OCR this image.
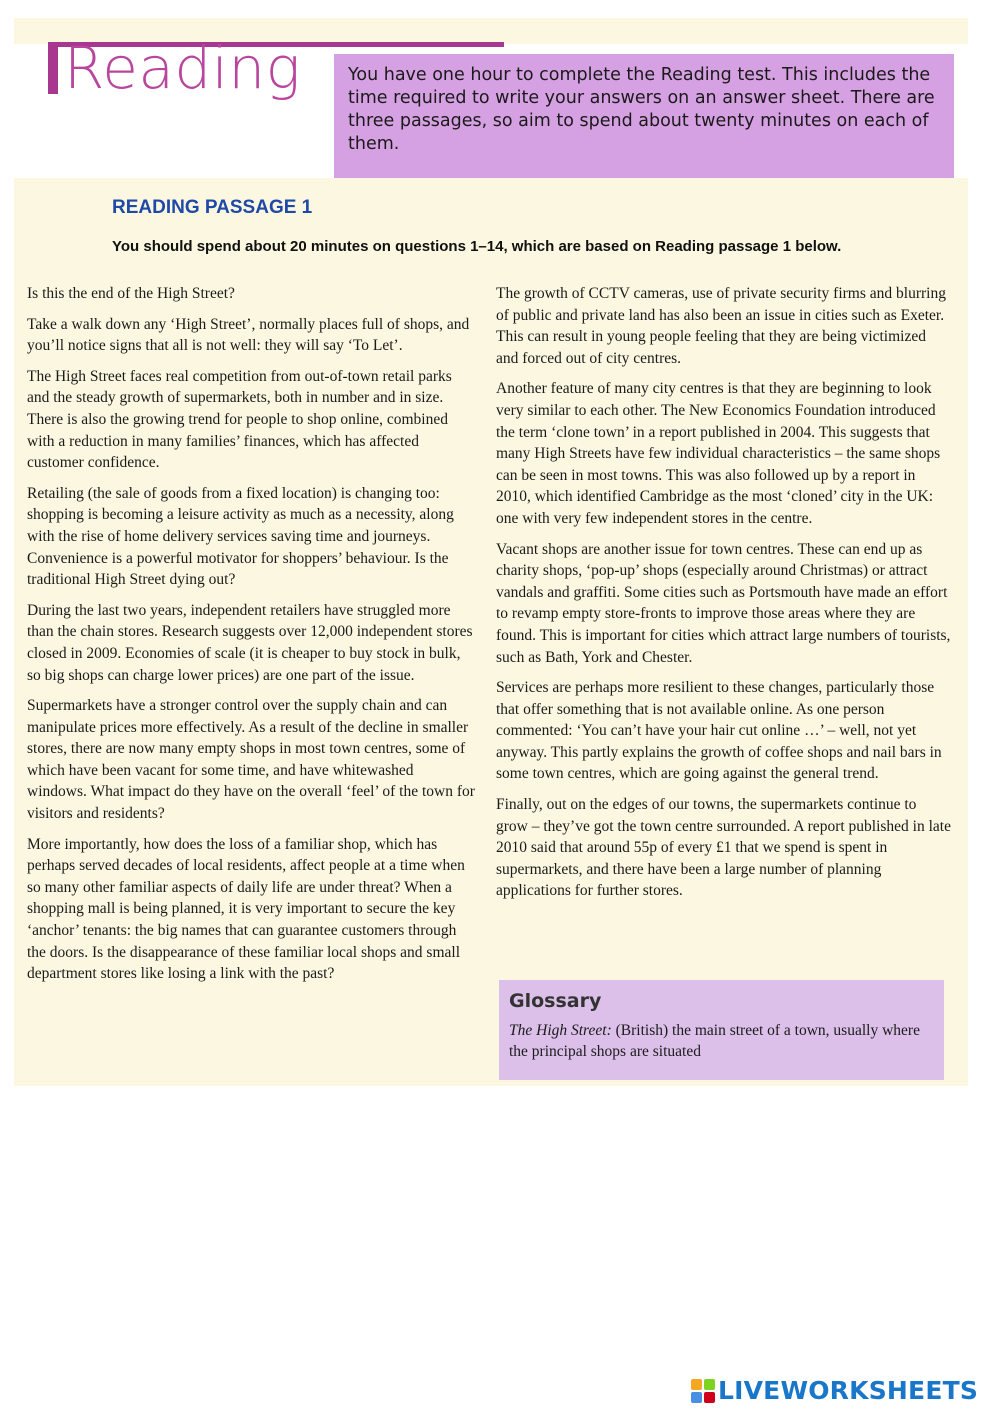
Reading	You have one hour to complete the Reading test. This includes the time required to write your answers on an answer sheet. There are three passages, so aim to spend about twenty minutes on each of them.
READING PASSAGE 1
You should spend about 20 minutes on questions 1–14, which are based on Reading passage 1 below.

Is this the end of the High Street?

Take a walk down any ‘High Street’, normally places full of shops, and you’ll notice signs that all is not well: they will say ‘To Let’.

The High Street faces real competition from out-of-town retail parks and the steady growth of supermarkets, both in number and in size. There is also the growing trend for people to shop online, combined with a reduction in many families’ finances, which has affected customer confidence.

Retailing (the sale of goods from a fixed location) is changing too: shopping is becoming a leisure activity as much as a necessity, along with the rise of home delivery services saving time and journeys. Convenience is a powerful motivator for shoppers’ behaviour. Is the traditional High Street dying out?

During the last two years, independent retailers have struggled more than the chain stores. Research suggests over 12,000 independent stores closed in 2009. Economies of scale (it is cheaper to buy stock in bulk, so big shops can charge lower prices) are one part of the issue.

Supermarkets have a stronger control over the supply chain and can manipulate prices more effectively. As a result of the decline in smaller stores, there are now many empty shops in most town centres, some of which have been vacant for some time, and have whitewashed windows. What impact do they have on the overall ‘feel’ of the town for visitors and residents?

More importantly, how does the loss of a familiar shop, which has perhaps served decades of local residents, affect people at a time when so many other familiar aspects of daily life are under threat? When a shopping mall is being planned, it is very important to secure the key ‘anchor’ tenants: the big names that can guarantee customers through the doors. Is the disappearance of these familiar local shops and small department stores like losing a link with the past?

The growth of CCTV cameras, use of private security firms and blurring of public and private land has also been an issue in cities such as Exeter. This can result in young people feeling that they are being victimized and forced out of city centres.

Another feature of many city centres is that they are beginning to look very similar to each other. The New Economics Foundation introduced the term ‘clone town’ in a report published in 2004. This suggests that many High Streets have few individual characteristics – the same shops can be seen in most towns. This was also followed up by a report in 2010, which identified Cambridge as the most ‘cloned’ city in the UK: one with very few independent stores in the centre.

Vacant shops are another issue for town centres. These can end up as charity shops, ‘pop-up’ shops (especially around Christmas) or attract vandals and graffiti. Some cities such as Portsmouth have made an effort to revamp empty store-fronts to improve those areas where they are found. This is important for cities which attract large numbers of tourists, such as Bath, York and Chester.

Services are perhaps more resilient to these changes, particularly those that offer something that is not available online. As one person commented: ‘You can’t have your hair cut online …’ – well, not yet anyway. This partly explains the growth of coffee shops and nail bars in some town centres, which are going against the general trend.

Finally, out on the edges of our towns, the supermarkets continue to grow – they’ve got the town centre surrounded. A report published in late 2010 said that around 55p of every £1 that we spend is spent in supermarkets, and there have been a large number of planning applications for further stores.

Glossary
The High Street: (British) the main street of a town, usually where the principal shops are situated
LIVEWORKSHEETS
